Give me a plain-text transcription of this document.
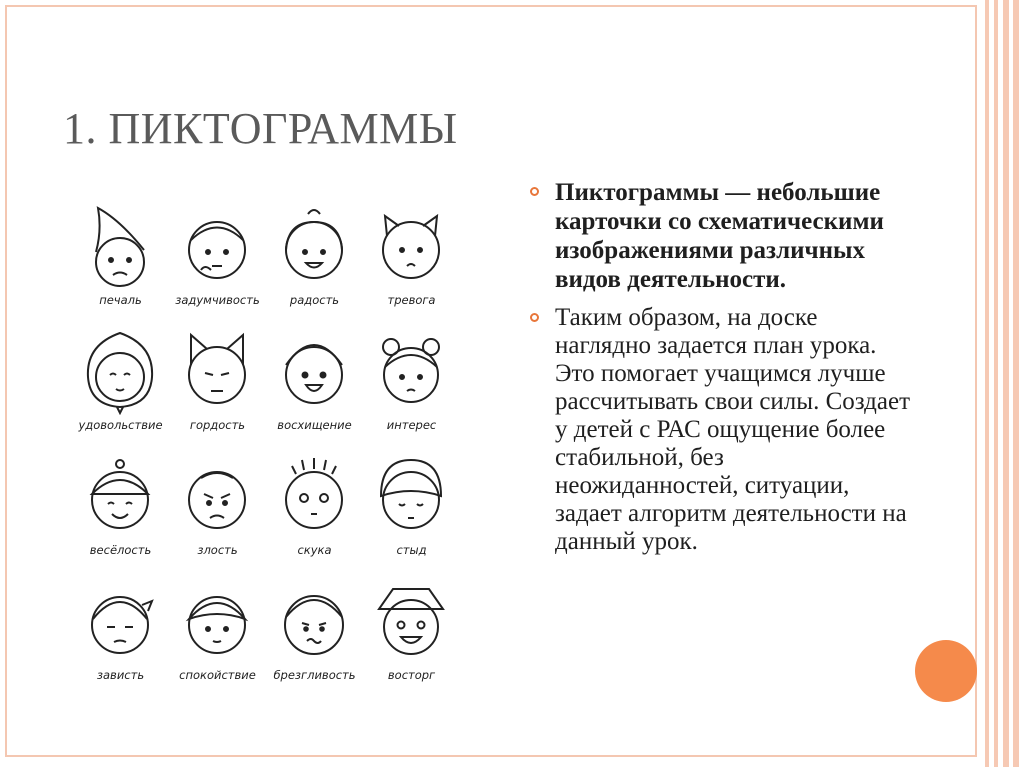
1. ПИКТОГРАММЫ
печаль	задумчивость	радость	тревога
удовольствие	гордость	восхищение	интерес
весёлость	злость	скука	стыд
зависть	спокойствие	брезгливость	восторг
Пиктограммы — небольшие карточки со схематическими изображениями различных видов деятельности.
Таким образом, на доске наглядно задается план урока. Это помогает учащимся лучше рассчитывать свои силы. Создает у детей с РАС ощущение более стабильной, без неожиданностей, ситуации, задает алгоритм деятельности на данный урок.
